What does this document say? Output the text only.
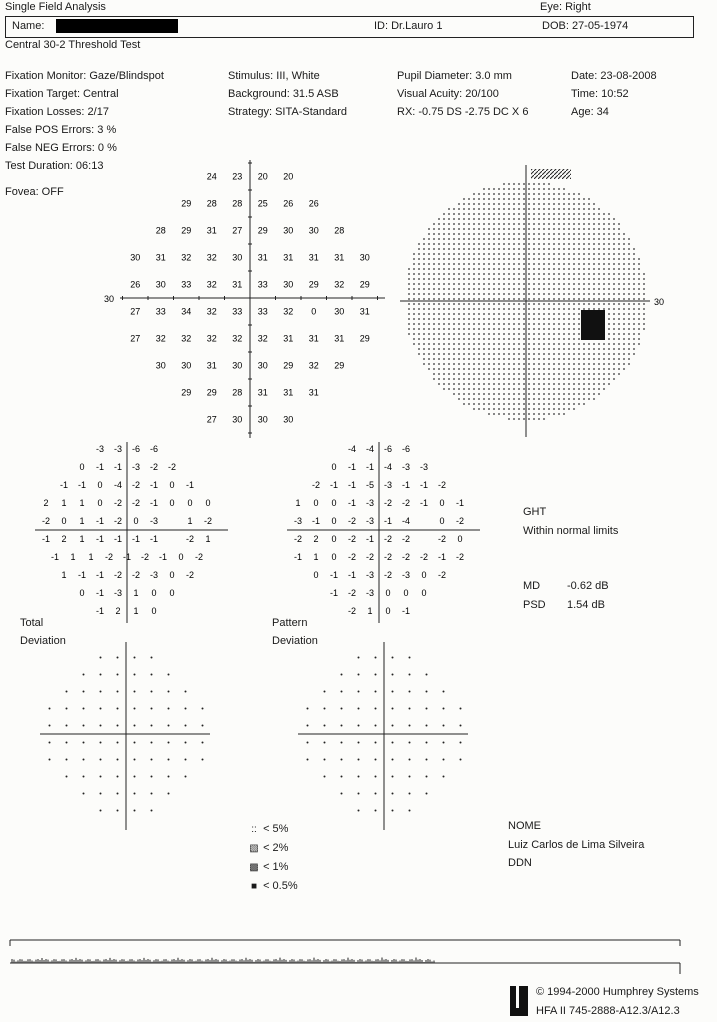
Single Field Analysis	Eye: Right
Name:	ID: Dr.Lauro 1	DOB: 27-05-1974
Central 30-2 Threshold Test
Fixation Monitor: Gaze/Blindspot
Fixation Target: Central
Fixation Losses: 2/17
False POS Errors: 3 %
False NEG Errors: 0 %
Test Duration: 06:13
Fovea: OFF
Stimulus: III, White
Background: 31.5 ASB
Strategy: SITA-Standard
Pupil Diameter: 3.0 mm
Visual Acuity: 20/100
RX: -0.75 DS -2.75 DC X 6
Date: 23-08-2008
Time: 10:52
Age: 34
30
24 23 20 20
29 28 28 25 26 26
28 29 31 27 29 30 30 28
30 31 32 32 30 31 31 31 31 30
26 30 33 32 31 33 30 29 32 29
27 33 34 32 33 33 32 0 30 31
27 32 32 32 32 32 31 31 31 29
30 30 31 30 30 29 32 29
29 29 28 31 31 31
27 30 30 30
30
-3 -3 -6 -6
0 -1 -1 -3 -2 -2
-1 -1 0 -4 -2 -1 0 -1
2 1 1 0 -2 -2 -1 0 0 0
-2 0 1 -1 -2 0 -3	1 -2
-1 2 1 -1 -1 -1 -1	-2 1
-1 1 1 -2 -1 -2 -1 0 -2
1 -1 -1 -2 -2 -3 0 -2
0 -1 -3 1 0 0
-1 2 1 0
-4 -4 -6 -6
0 -1 -1 -4 -3 -3
-2 -1 -1 -5 -3 -1 -1 -2
1 0 0 -1 -3 -2 -2 -1 0 -1
-3 -1 0 -2 -3 -1 -4	0 -2
-2 2 0 -2 -1 -2 -2	-2 0
-1 1 0 -2 -2 -2 -2 -2 -1 -2
0 -1 -1 -3 -2 -3 0 -2
-1 -2 -3 0 0 0
-2 1 0 -1
GHT
Within normal limits
MD -0.62 dB
PSD 1.54 dB
Total
Deviation
Pattern
Deviation
:: < 5%
▧ < 2%
▩ < 1%
■ < 0.5%
NOME
Luiz Carlos de Lima Silveira
DDN
© 1994-2000 Humphrey Systems
HFA II 745-2888-A12.3/A12.3
